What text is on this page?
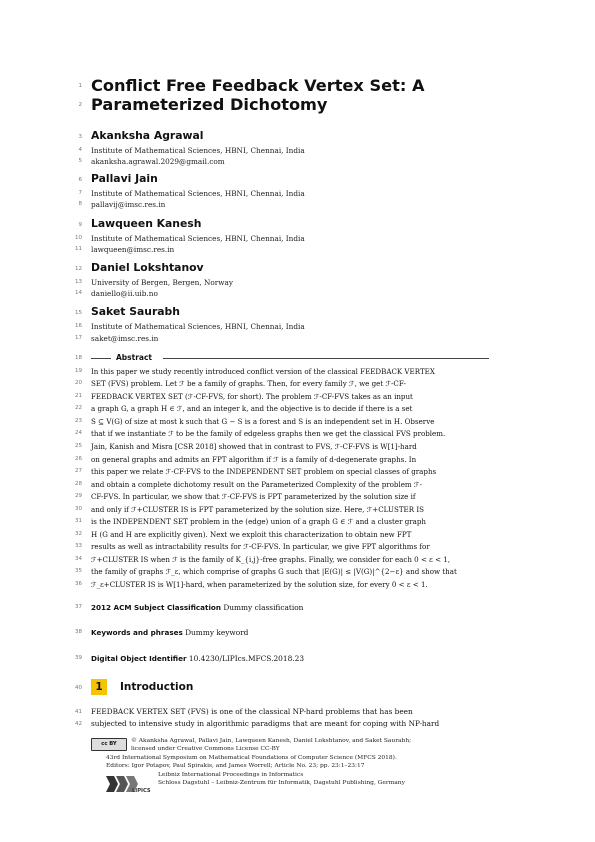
1
2
3
4
5
6
7
8
9
10
11
12
13
14
15
16
17
18
19
20
21
22
23
24
25
26
27
28
29
30
31
32
33
34
35
36
37
38
39
40
41
42
Conflict Free Feedback Vertex Set: A
Parameterized Dichotomy
Akanksha Agrawal
Institute of Mathematical Sciences, HBNI, Chennai, India
akanksha.agrawal.2029@gmail.com
Pallavi Jain
Institute of Mathematical Sciences, HBNI, Chennai, India
pallavij@imsc.res.in
Lawqueen Kanesh
Institute of Mathematical Sciences, HBNI, Chennai, India
lawqueen@imsc.res.in
Daniel Lokshtanov
University of Bergen, Bergen, Norway
daniello@ii.uib.no
Saket Saurabh
Institute of Mathematical Sciences, HBNI, Chennai, India
saket@imsc.res.in
Abstract
In this paper we study recently introduced conflict version of the classical FEEDBACK VERTEX
SET (FVS) problem. Let ℱ be a family of graphs. Then, for every family ℱ, we get ℱ-CF-
FEEDBACK VERTEX SET (ℱ-CF-FVS, for short). The problem ℱ-CF-FVS takes as an input
a graph G, a graph H ∈ ℱ, and an integer k, and the objective is to decide if there is a set
S ⊆ V(G) of size at most k such that G − S is a forest and S is an independent set in H. Observe
that if we instantiate ℱ to be the family of edgeless graphs then we get the classical FVS problem.
Jain, Kanish and Misra [CSR 2018] showed that in contrast to FVS, ℱ-CF-FVS is W[1]-hard
on general graphs and admits an FPT algorithm if ℱ is a family of d-degenerate graphs. In
this paper we relate ℱ-CF-FVS to the INDEPENDENT SET problem on special classes of graphs
and obtain a complete dichotomy result on the Parameterized Complexity of the problem ℱ-
CF-FVS. In particular, we show that ℱ-CF-FVS is FPT parameterized by the solution size if
and only if ℱ+CLUSTER IS is FPT parameterized by the solution size. Here, ℱ+CLUSTER IS
is the INDEPENDENT SET problem in the (edge) union of a graph G ∈ ℱ and a cluster graph
H (G and H are explicitly given). Next we exploit this characterization to obtain new FPT
results as well as intractability results for ℱ-CF-FVS. In particular, we give FPT algorithms for
ℱ+CLUSTER IS when ℱ is the family of K_{i,j}-free graphs. Finally, we consider for each 0 < ε < 1,
the family of graphs ℱ_ε, which comprise of graphs G such that |E(G)| ≤ |V(G)|^{2−ε} and show that
ℱ_ε+CLUSTER IS is W[1]-hard, when parameterized by the solution size, for every 0 < ε < 1.
2012 ACM Subject Classification Dummy classification
Keywords and phrases Dummy keyword
Digital Object Identifier 10.4230/LIPIcs.MFCS.2018.23
1	Introduction
FEEDBACK VERTEX SET (FVS) is one of the classical NP-hard problems that has been
subjected to intensive study in algorithmic paradigms that are meant for coping with NP-hard
cc BY	© Akanksha Agrawal, Pallavi Jain, Lawqueen Kanesh, Daniel Lokshtanov, and Saket Saurabh;
licensed under Creative Commons License CC-BY
43rd International Symposium on Mathematical Foundations of Computer Science (MFCS 2018).
Editors: Igor Potapov, Paul Spirakis, and James Worrell; Article No. 23; pp. 23:1–23:17
Leibniz International Proceedings in Informatics
Schloss Dagstuhl – Leibniz-Zentrum für Informatik, Dagstuhl Publishing, Germany
LIPICS
